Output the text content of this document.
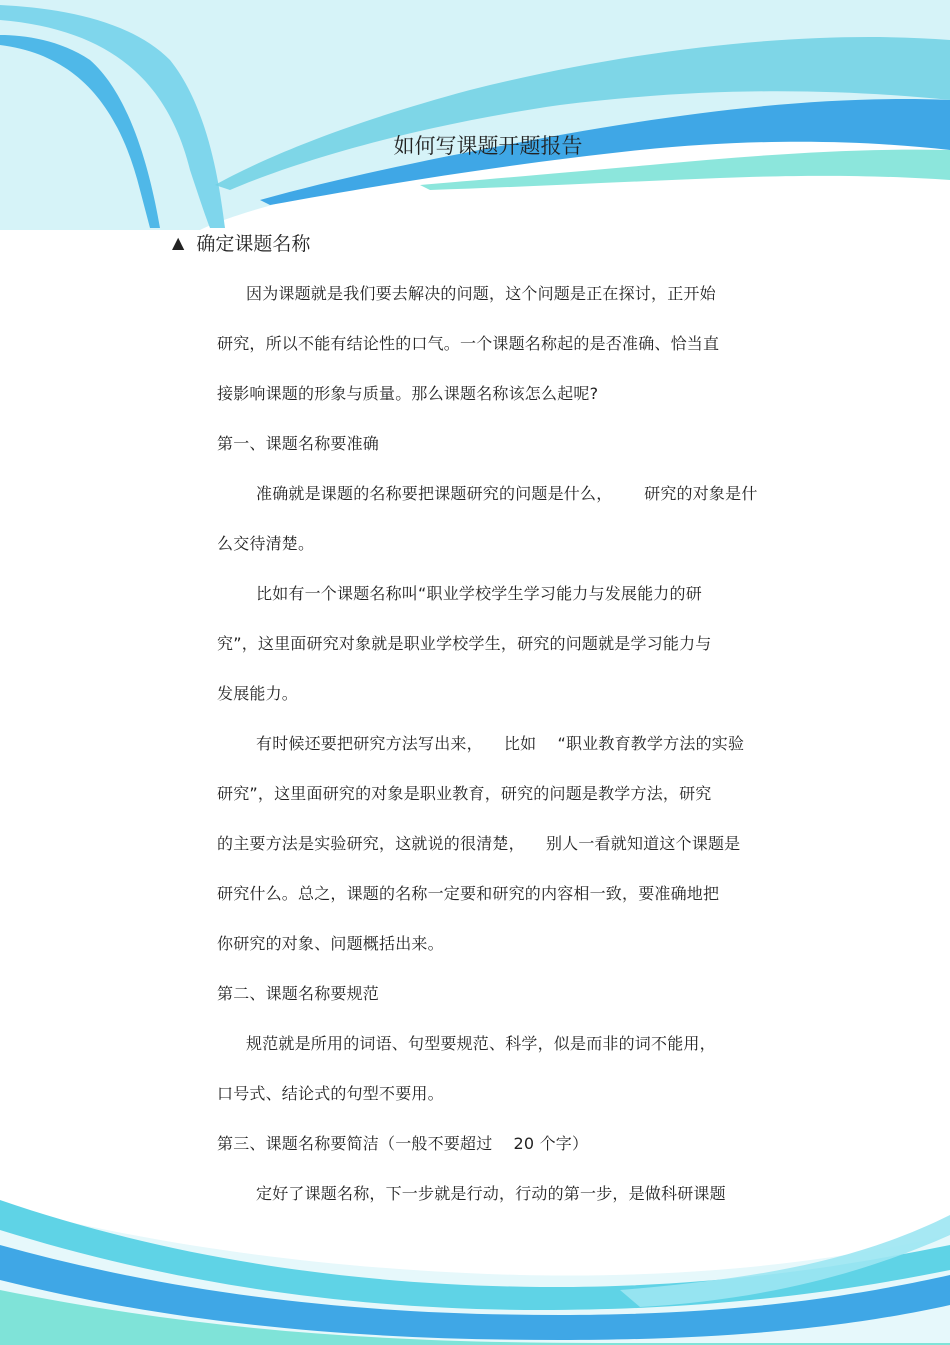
如何写课题开题报告
▲ 确定课题名称
因为课题就是我们要去解决的问题，这个问题是正在探讨，正开始
研究，所以不能有结论性的口气。一个课题名称起的是否准确、恰当直
接影响课题的形象与质量。那么课题名称该怎么起呢?
第一、课题名称要准确
准确就是课题的名称要把课题研究的问题是什么，      研究的对象是什
么交待清楚。
比如有一个课题名称叫“职业学校学生学习能力与发展能力的研
究”，这里面研究对象就是职业学校学生，研究的问题就是学习能力与
发展能力。
有时候还要把研究方法写出来，    比如    “职业教育教学方法的实验
研究”，这里面研究的对象是职业教育，研究的问题是教学方法，研究
的主要方法是实验研究，这就说的很清楚，    别人一看就知道这个课题是
研究什么。总之，课题的名称一定要和研究的内容相一致，要准确地把
你研究的对象、问题概括出来。
第二、课题名称要规范
规范就是所用的词语、句型要规范、科学，似是而非的词不能用，
口号式、结论式的句型不要用。
第三、课题名称要简洁（一般不要超过    20 个字）
定好了课题名称，下一步就是行动，行动的第一步，是做科研课题
